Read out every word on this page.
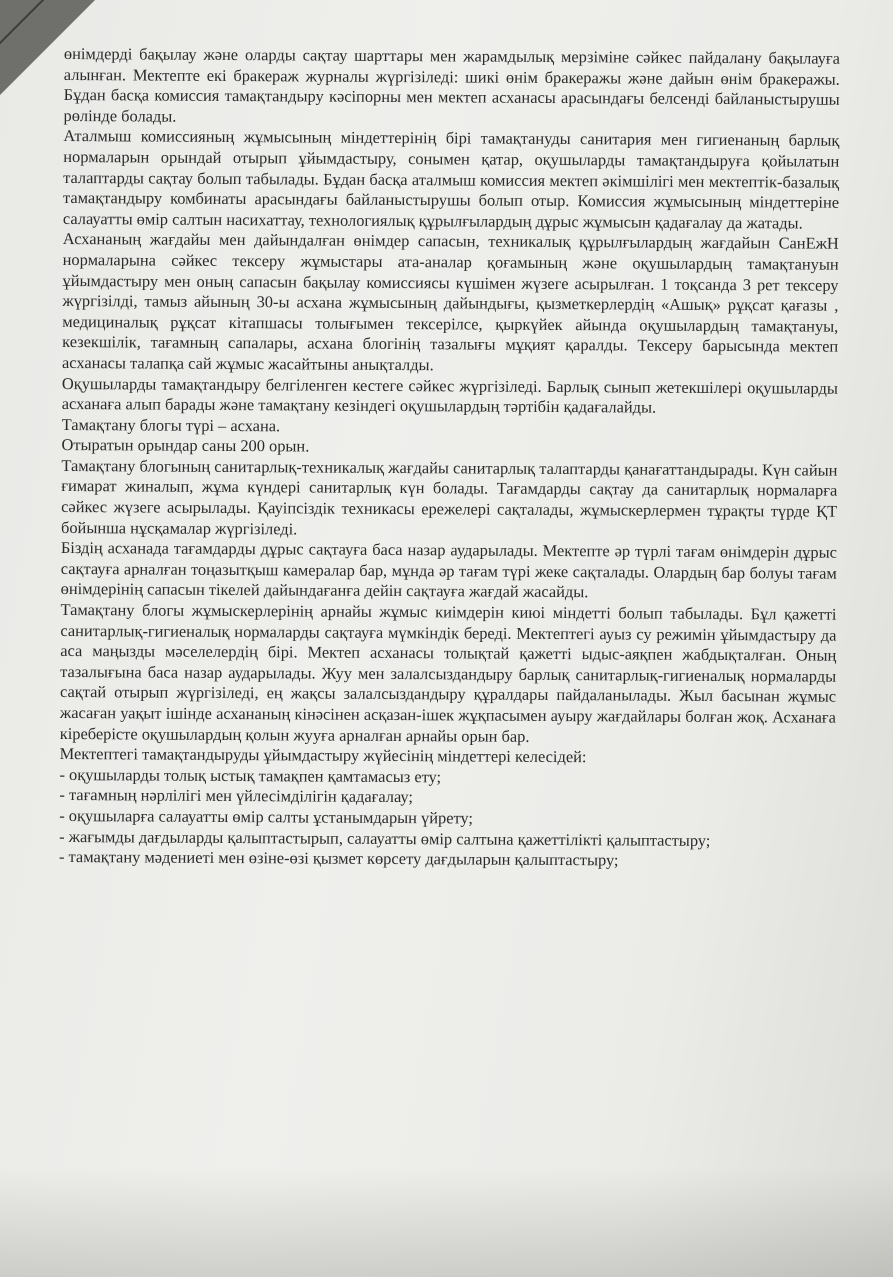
өнімдерді бақылау және оларды сақтау шарттары мен жарамдылық мерзіміне сәйкес пайдалану бақылауға алынған. Мектепте екі бракераж журналы жүргізіледі: шикі өнім бракеражы және дайын өнім бракеражы. Бұдан басқа комиссия тамақтандыру кәсіпорны мен мектеп асханасы арасындағы белсенді байланыстырушы рөлінде болады.

Аталмыш комиссияның жұмысының міндеттерінің бірі тамақтануды санитария мен гигиенаның барлық нормаларын орындай отырып ұйымдастыру, сонымен қатар, оқушыларды тамақтандыруға қойылатын талаптарды сақтау болып табылады. Бұдан басқа аталмыш комиссия мектеп әкімшілігі мен мектептік-базалық тамақтандыру комбинаты арасындағы байланыстырушы болып отыр. Комиссия жұмысының міндеттеріне салауатты өмір салтын насихаттау, технологиялық құрылғылардың дұрыс жұмысын қадағалау да жатады.

Асхананың жағдайы мен дайындалған өнімдер сапасын, техникалық құрылғылардың жағдайын СанЕжН нормаларына сәйкес тексеру жұмыстары ата-аналар қоғамының және оқушылардың тамақтануын ұйымдастыру мен оның сапасын бақылау комиссиясы күшімен жүзеге асырылған. 1 тоқсанда 3 рет тексеру жүргізілді, тамыз айының 30-ы асхана жұмысының дайындығы, қызметкерлердің «Ашық» рұқсат қағазы , медициналық рұқсат кітапшасы толығымен тексерілсе, қыркүйек айында оқушылардың тамақтануы, кезекшілік, тағамның сапалары, асхана блогінің тазалығы мұқият қаралды. Тексеру барысында мектеп асханасы талапқа сай жұмыс жасайтыны анықталды.

Оқушыларды тамақтандыру белгіленген кестеге сәйкес жүргізіледі. Барлық сынып жетекшілері оқушыларды асханаға алып барады және тамақтану кезіндегі оқушылардың тәртібін қадағалайды.

Тамақтану блогы түрі – асхана.

Отыратын орындар саны 200 орын.

Тамақтану блогының санитарлық-техникалық жағдайы санитарлық талаптарды қанағаттандырады. Күн сайын ғимарат жиналып, жұма күндері санитарлық күн болады. Тағамдарды сақтау да санитарлық нормаларға сәйкес жүзеге асырылады. Қауіпсіздік техникасы ережелері сақталады, жұмыскерлермен тұрақты түрде ҚТ бойынша нұсқамалар жүргізіледі.

Біздің асханада тағамдарды дұрыс сақтауға баса назар аударылады. Мектепте әр түрлі тағам өнімдерін дұрыс сақтауға арналған тоңазытқыш камералар бар, мұнда әр тағам түрі жеке сақталады. Олардың бар болуы тағам өнімдерінің сапасын тікелей дайындағанға дейін сақтауға жағдай жасайды.

Тамақтану блогы жұмыскерлерінің арнайы жұмыс киімдерін киюі міндетті болып табылады. Бұл қажетті санитарлық-гигиеналық нормаларды сақтауға мүмкіндік береді. Мектептегі ауыз су режимін ұйымдастыру да аса маңызды мәселелердің бірі. Мектеп асханасы толықтай қажетті ыдыс-аяқпен жабдықталған. Оның тазалығына баса назар аударылады. Жуу мен залалсыздандыру барлық санитарлық-гигиеналық нормаларды сақтай отырып жүргізіледі, ең жақсы залалсыздандыру құралдары пайдаланылады. Жыл басынан жұмыс жасаған уақыт ішінде асхананың кінәсінен асқазан-ішек жұқпасымен ауыру жағдайлары болған жоқ. Асханаға кіреберісте оқушылардың қолын жууға арналған арнайы орын бар.

Мектептегі тамақтандыруды ұйымдастыру жүйесінің міндеттері келесідей:

- оқушыларды толық ыстық тамақпен қамтамасыз ету;
- тағамның нәрлілігі мен үйлесімділігін қадағалау;
- оқушыларға салауатты өмір салты ұстанымдарын үйрету;
- жағымды дағдыларды қалыптастырып, салауатты өмір салтына қажеттілікті қалыптастыру;
- тамақтану мәдениеті мен өзіне-өзі қызмет көрсету дағдыларын қалыптастыру;
